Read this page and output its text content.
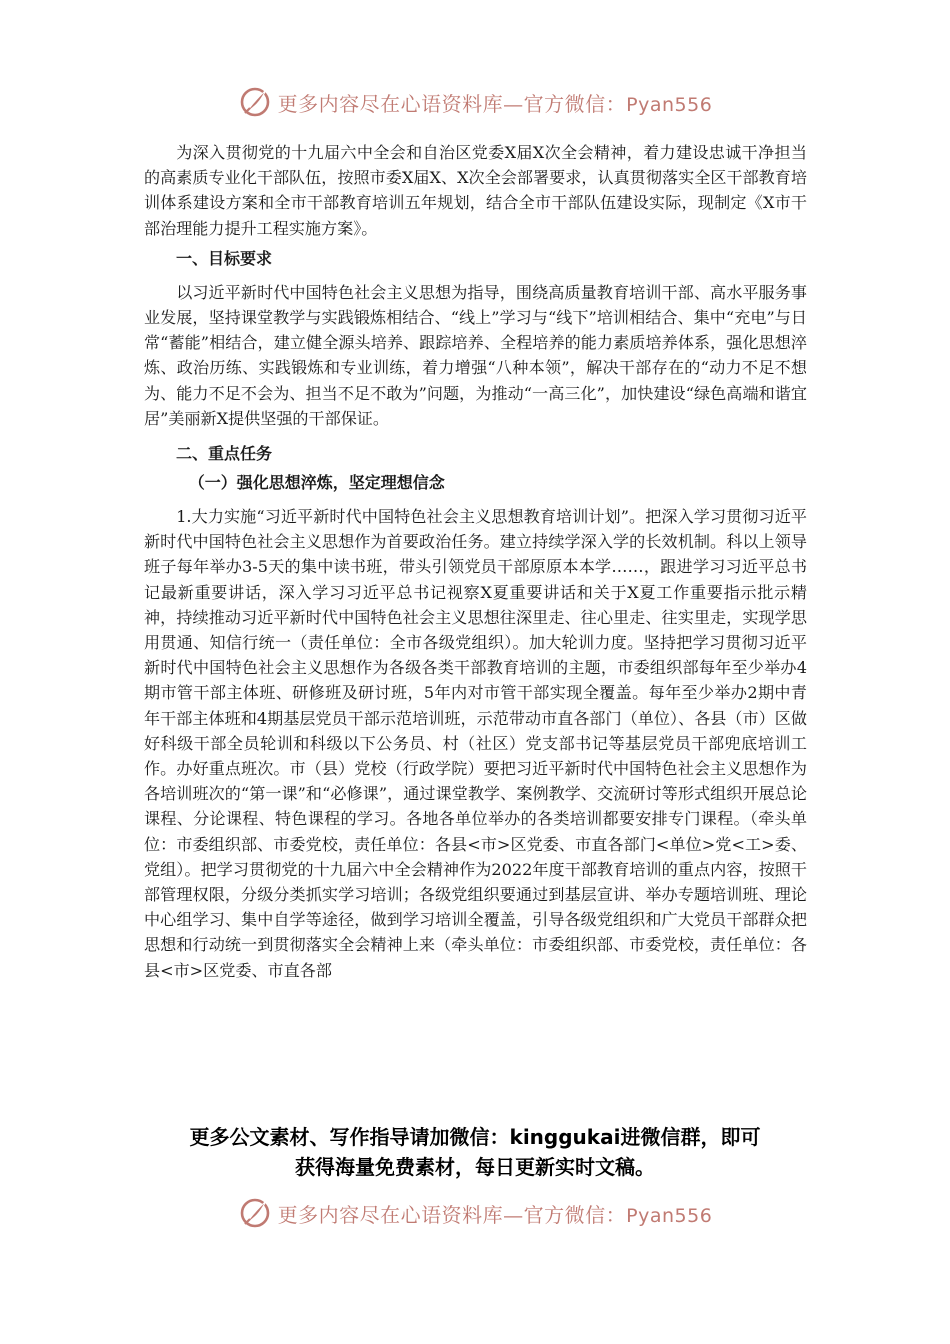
更多内容尽在心语资料库—官方微信：Pyan556

为深入贯彻党的十九届六中全会和自治区党委X届X次全会精神，着力建设忠诚干净担当的高素质专业化干部队伍，按照市委X届X、X次全会部署要求，认真贯彻落实全区干部教育培训体系建设方案和全市干部教育培训五年规划，结合全市干部队伍建设实际，现制定《X市干部治理能力提升工程实施方案》。

一、目标要求

以习近平新时代中国特色社会主义思想为指导，围绕高质量教育培训干部、高水平服务事业发展，坚持课堂教学与实践锻炼相结合、“线上”学习与“线下”培训相结合、集中“充电”与日常“蓄能”相结合，建立健全源头培养、跟踪培养、全程培养的能力素质培养体系，强化思想淬炼、政治历练、实践锻炼和专业训练，着力增强“八种本领”，解决干部存在的“动力不足不想为、能力不足不会为、担当不足不敢为”问题，为推动“一高三化”，加快建设“绿色高端和谐宜居”美丽新X提供坚强的干部保证。

二、重点任务

（一）强化思想淬炼，坚定理想信念

1.大力实施“习近平新时代中国特色社会主义思想教育培训计划”。把深入学习贯彻习近平新时代中国特色社会主义思想作为首要政治任务。建立持续学深入学的长效机制。科以上领导班子每年举办3-5天的集中读书班，带头引领党员干部原原本本学……，跟进学习习近平总书记最新重要讲话，深入学习习近平总书记视察X夏重要讲话和关于X夏工作重要指示批示精神，持续推动习近平新时代中国特色社会主义思想往深里走、往心里走、往实里走，实现学思用贯通、知信行统一（责任单位：全市各级党组织）。加大轮训力度。坚持把学习贯彻习近平新时代中国特色社会主义思想作为各级各类干部教育培训的主题，市委组织部每年至少举办4期市管干部主体班、研修班及研讨班，5年内对市管干部实现全覆盖。每年至少举办2期中青年干部主体班和4期基层党员干部示范培训班，示范带动市直各部门（单位）、各县（市）区做好科级干部全员轮训和科级以下公务员、村（社区）党支部书记等基层党员干部兜底培训工作。办好重点班次。市（县）党校（行政学院）要把习近平新时代中国特色社会主义思想作为各培训班次的“第一课”和“必修课”，通过课堂教学、案例教学、交流研讨等形式组织开展总论课程、分论课程、特色课程的学习。各地各单位举办的各类培训都要安排专门课程。（牵头单位：市委组织部、市委党校，责任单位：各县<市>区党委、市直各部门<单位>党<工>委、党组）。把学习贯彻党的十九届六中全会精神作为2022年度干部教育培训的重点内容，按照干部管理权限，分级分类抓实学习培训；各级党组织要通过到基层宣讲、举办专题培训班、理论中心组学习、集中自学等途径，做到学习培训全覆盖，引导各级党组织和广大党员干部群众把思想和行动统一到贯彻落实全会精神上来（牵头单位：市委组织部、市委党校，责任单位：各县<市>区党委、市直各部

更多公文素材、写作指导请加微信：kinggukai进微信群，即可
获得海量免费素材，每日更新实时文稿。
更多内容尽在心语资料库—官方微信：Pyan556
